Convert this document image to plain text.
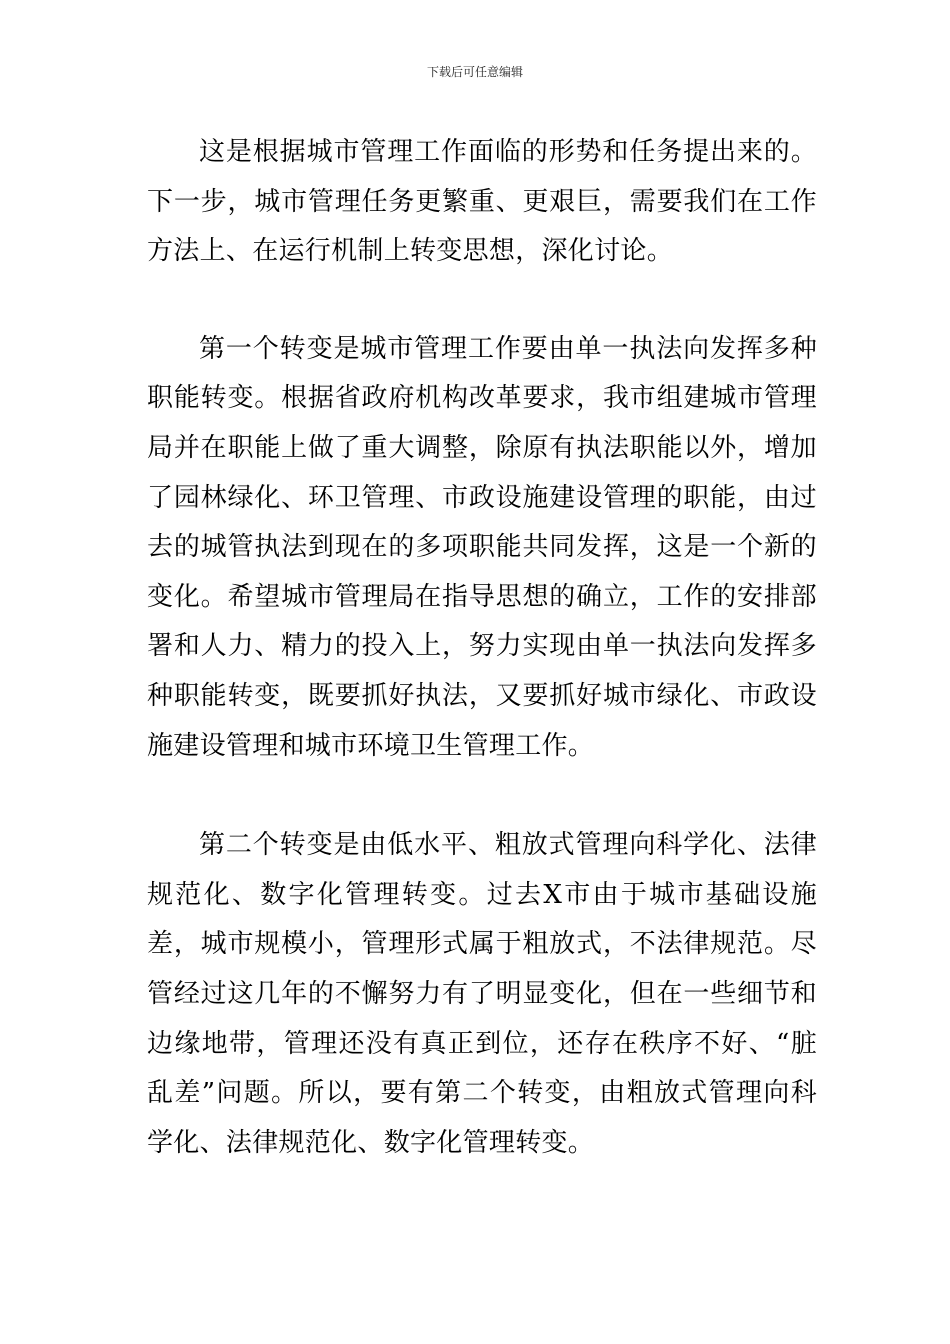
下载后可任意编辑

这是根据城市管理工作面临的形势和任务提出来的。下一步，城市管理任务更繁重、更艰巨，需要我们在工作方法上、在运行机制上转变思想，深化讨论。

第一个转变是城市管理工作要由单一执法向发挥多种职能转变。根据省政府机构改革要求，我市组建城市管理局并在职能上做了重大调整，除原有执法职能以外，增加了园林绿化、环卫管理、市政设施建设管理的职能，由过去的城管执法到现在的多项职能共同发挥，这是一个新的变化。希望城市管理局在指导思想的确立，工作的安排部署和人力、精力的投入上，努力实现由单一执法向发挥多种职能转变，既要抓好执法，又要抓好城市绿化、市政设施建设管理和城市环境卫生管理工作。

第二个转变是由低水平、粗放式管理向科学化、法律规范化、数字化管理转变。过去X市由于城市基础设施差，城市规模小，管理形式属于粗放式，不法律规范。尽管经过这几年的不懈努力有了明显变化，但在一些细节和边缘地带，管理还没有真正到位，还存在秩序不好、“脏乱差”问题。所以，要有第二个转变，由粗放式管理向科学化、法律规范化、数字化管理转变。
